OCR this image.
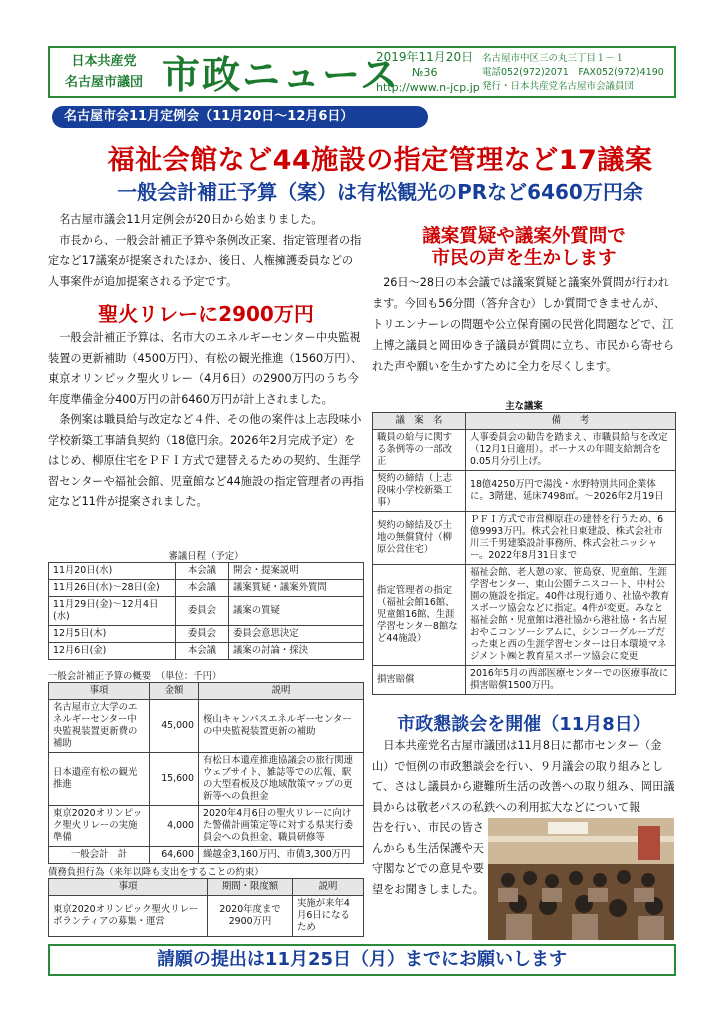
日本共産党
名古屋市議団 市政ニュース
2019年11月20日
№36
http://www.n-jcp.jp
名古屋市中区三の丸三丁目１－１
電話052(972)2071　FAX052(972)4190
発行・日本共産党名古屋市会議員団
名古屋市会11月定例会（11月20日～12月6日）
福祉会館など44施設の指定管理など17議案
一般会計補正予算（案）は有松観光のPRなど6460万円余

名古屋市議会11月定例会が20日から始まりました。

市長から、一般会計補正予算や条例改正案、指定管理者の指定など17議案が提案されたほか、後日、人権擁護委員などの人事案件が追加提案される予定です。

聖火リレーに2900万円

一般会計補正予算は、名市大のエネルギーセンター中央監視装置の更新補助（4500万円）、有松の観光推進（1560万円）、東京オリンピック聖火リレー（4月6日）の2900万円のうち今年度準備金分400万円の計6460万円が計上されました。

条例案は職員給与改定など４件、その他の案件は上志段味小学校新築工事請負契約（18億円余。2026年2月完成予定）をはじめ、柳原住宅をＰＦＩ方式で建替えるための契約、生涯学習センターや福祉会館、児童館など44施設の指定管理者の再指定など11件が提案されました。

審議日程（予定）
11月20日(水)	本会議	開会・提案説明
11月26日(水)～28日(金)	本会議	議案質疑・議案外質問
11月29日(金)～12月4日(水)	委員会	議案の質疑
12月5日(木)	委員会	委員会意思決定
12月6日(金)	本会議	議案の討論・採決
一般会計補正予算の概要　（単位：千円）
事項	金額	説明
名古屋市立大学のエネルギーセンター中央監視装置更新費の補助	45,000	桜山キャンパスエネルギーセンターの中央監視装置更新の補助
日本遺産有松の観光推進	15,600	有松日本遺産推進協議会の旅行関連ウェブサイト、雑誌等での広報、駅の大型看板及び地域散策マップの更新等への負担金
東京2020オリンピック聖火リレーの実施準備	4,000	2020年4月6日の聖火リレーに向けた警備計画策定等に対する県実行委員会への負担金、職員研修等
一般会計　計	64,600	繰越金3,160万円、市債3,300万円
債務負担行為（来年以降も支出をすることの約束）
事項	期間・限度額	説明
東京2020オリンピック聖火リレーボランティアの募集・運営	2020年度まで2900万円	実施が来年4月6日になるため
議案質疑や議案外質問で
市民の声を生かします

26日～28日の本会議では議案質疑と議案外質問が行われます。今回も56分間（答弁含む）しか質問できませんが、トリエンナーレの問題や公立保育園の民営化問題などで、江上博之議員と岡田ゆき子議員が質問に立ち、市民から寄せられた声や願いを生かすために全力を尽くします。

主な議案
議　案　名	備　　考
職員の給与に関する条例等の一部改正	人事委員会の勧告を踏まえ、市職員給与を改定（12月1日適用）。ボーナスの年間支給割合を0.05月分引上げ。
契約の締結（上志段味小学校新築工事）	18億4250万円で湯浅・水野特別共同企業体に。3階建、延床7498㎡。～2026年2月19日
契約の締結及び土地の無償貸付（柳原公営住宅）	ＰＦＩ方式で市営柳原荘の建替を行うため、6億9993万円。株式会社日東建設、株式会社市川三千男建築設計事務所、株式会社ニッシャー。2022年8月31日まで
指定管理者の指定（福祉会館16館、児童館16館、生涯学習センター8館など44施設）	福祉会館、老人憩の家、笹島寮、児童館、生涯学習センター、東山公園テニスコート、中村公園の施設を指定。40件は現行通り、社協や教育スポーツ協会などに指定。4件が変更。みなと福祉会館・児童館は港社協から港社協・名古屋おやこコンソーシアムに、シンコーグループだった東と西の生涯学習センターは日本環境マネジメント㈱と教育星スポーツ協会に変更
損害賠償	2016年5月の西部医療センターでの医療事故に損害賠償1500万円。
市政懇談会を開催（11月8日）

日本共産党名古屋市議団は11月8日に都市センター（金山）で恒例の市政懇談会を行い、９月議会の取り組みとして、さはし議員から避難所生活の改善への取り組み、岡田議員からは敬老パスの私鉄への利用拡大などについて報

告を行い、市民の皆さんからも生活保護や天守閣などでの意見や要望をお聞きしました。

請願の提出は11月25日（月）までにお願いします
